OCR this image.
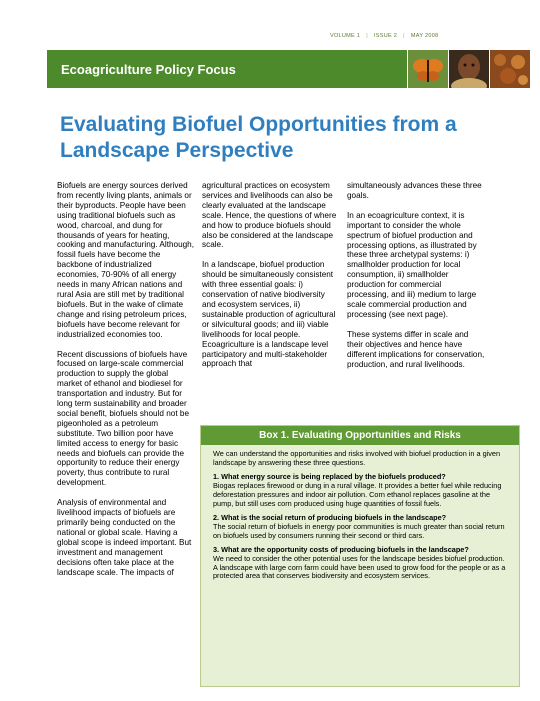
VOLUME 1 | ISSUE 2 | MAY 2008
Ecoagriculture Policy Focus
Evaluating Biofuel Opportunities from a Landscape Perspective

Biofuels are energy sources derived from recently living plants, animals or their byproducts. People have been using traditional biofuels such as wood, charcoal, and dung for thousands of years for heating, cooking and manufacturing. Although, fossil fuels have become the backbone of industrialized economies, 70-90% of all energy needs in many African nations and rural Asia are still met by traditional biofuels. But in the wake of climate change and rising petroleum prices, biofuels have become relevant for industrialized economies too.

Recent discussions of biofuels have focused on large-scale commercial production to supply the global market of ethanol and biodiesel for transportation and industry. But for long term sustainability and broader social benefit, biofuels should not be pigeonholed as a petroleum substitute. Two billion poor have limited access to energy for basic needs and biofuels can provide the opportunity to reduce their energy poverty, thus contribute to rural development.

Analysis of environmental and livelihood impacts of biofuels are primarily being conducted on the national or global scale. Having a global scope is indeed important. But investment and management decisions often take place at the landscape scale. The impacts of

agricultural practices on ecosystem services and livelihoods can also be clearly evaluated at the landscape scale. Hence, the questions of where and how to produce biofuels should also be considered at the landscape scale.

In a landscape, biofuel production should be simultaneously consistent with three essential goals: i) conservation of native biodiversity and ecosystem services, ii) sustainable production of agricultural or silvicultural goods; and iii) viable livelihoods for local people. Ecoagriculture is a landscape level participatory and multi-stakeholder approach that

simultaneously advances these three goals.

In an ecoagriculture context, it is important to consider the whole spectrum of biofuel production and processing options, as illustrated by these three archetypal systems: i) smallholder production for local consumption, ii) smallholder production for commercial processing, and iii) medium to large scale commercial production and processing (see next page).

These systems differ in scale and their objectives and hence have different implications for conservation, production, and rural livelihoods.

Box 1. Evaluating Opportunities and Risks

We can understand the opportunities and risks involved with biofuel production in a given landscape by answering these three questions.

1. What energy source is being replaced by the biofuels produced?

Biogas replaces firewood or dung in a rural village. It provides a better fuel while reducing deforestation pressures and indoor air pollution. Corn ethanol replaces gasoline at the pump, but still uses corn produced using huge quantities of fossil fuels.

2. What is the social return of producing biofuels in the landscape?

The social return of biofuels in energy poor communities is much greater than social return on biofuels used by consumers running their second or third cars.

3. What are the opportunity costs of producing biofuels in the landscape?

We need to consider the other potential uses for the landscape besides biofuel production. A landscape with large corn farm could have been used to grow food for the people or as a protected area that conserves biodiversity and ecosystem services.
